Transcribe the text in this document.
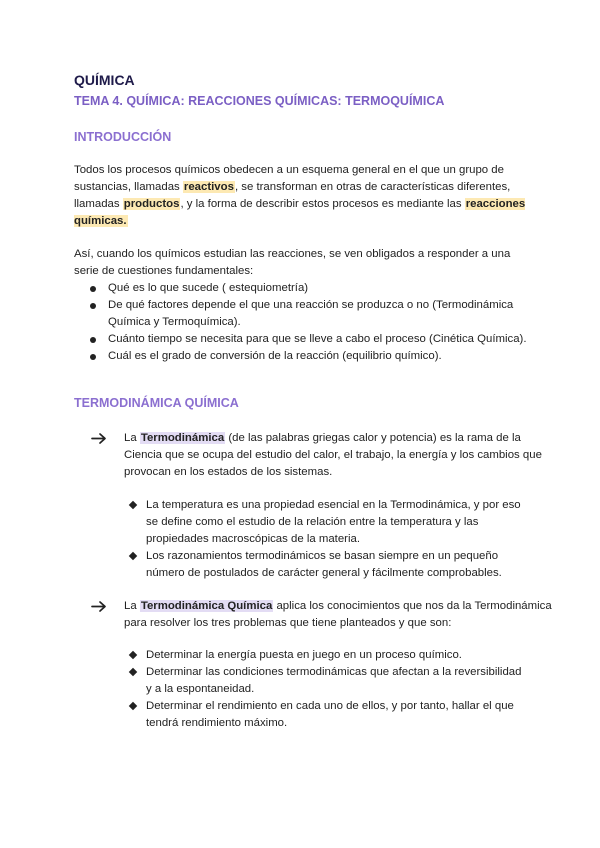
QUÍMICA
TEMA 4. QUÍMICA: REACCIONES QUÍMICAS: TERMOQUÍMICA
INTRODUCCIÓN

Todos los procesos químicos obedecen a un esquema general en el que un grupo de sustancias, llamadas reactivos, se transforman en otras de características diferentes, llamadas productos, y la forma de describir estos procesos es mediante las reacciones químicas.

Así, cuando los químicos estudian las reacciones, se ven obligados a responder a una serie de cuestiones fundamentales:

Qué es lo que sucede ( estequiometría)
De qué factores depende el que una reacción se produzca o no (Termodinámica Química y Termoquímica).
Cuánto tiempo se necesita para que se lleve a cabo el proceso (Cinética Química).
Cuál es el grado de conversión de la reacción (equilibrio químico).
TERMODINÁMICA QUÍMICA
La Termodinámica (de las palabras griegas calor y potencia) es la rama de la Ciencia que se ocupa del estudio del calor, el trabajo, la energía y los cambios que provocan en los estados de los sistemas.
La temperatura es una propiedad esencial en la Termodinámica, y por eso se define como el estudio de la relación entre la temperatura y las propiedades macroscópicas de la materia.
Los razonamientos termodinámicos se basan siempre en un pequeño número de postulados de carácter general y fácilmente comprobables.
La Termodinámica Química aplica los conocimientos que nos da la Termodinámica para resolver los tres problemas que tiene planteados y que son:
Determinar la energía puesta en juego en un proceso químico.
Determinar las condiciones termodinámicas que afectan a la reversibilidad y a la espontaneidad.
Determinar el rendimiento en cada uno de ellos, y por tanto, hallar el que tendrá rendimiento máximo.
